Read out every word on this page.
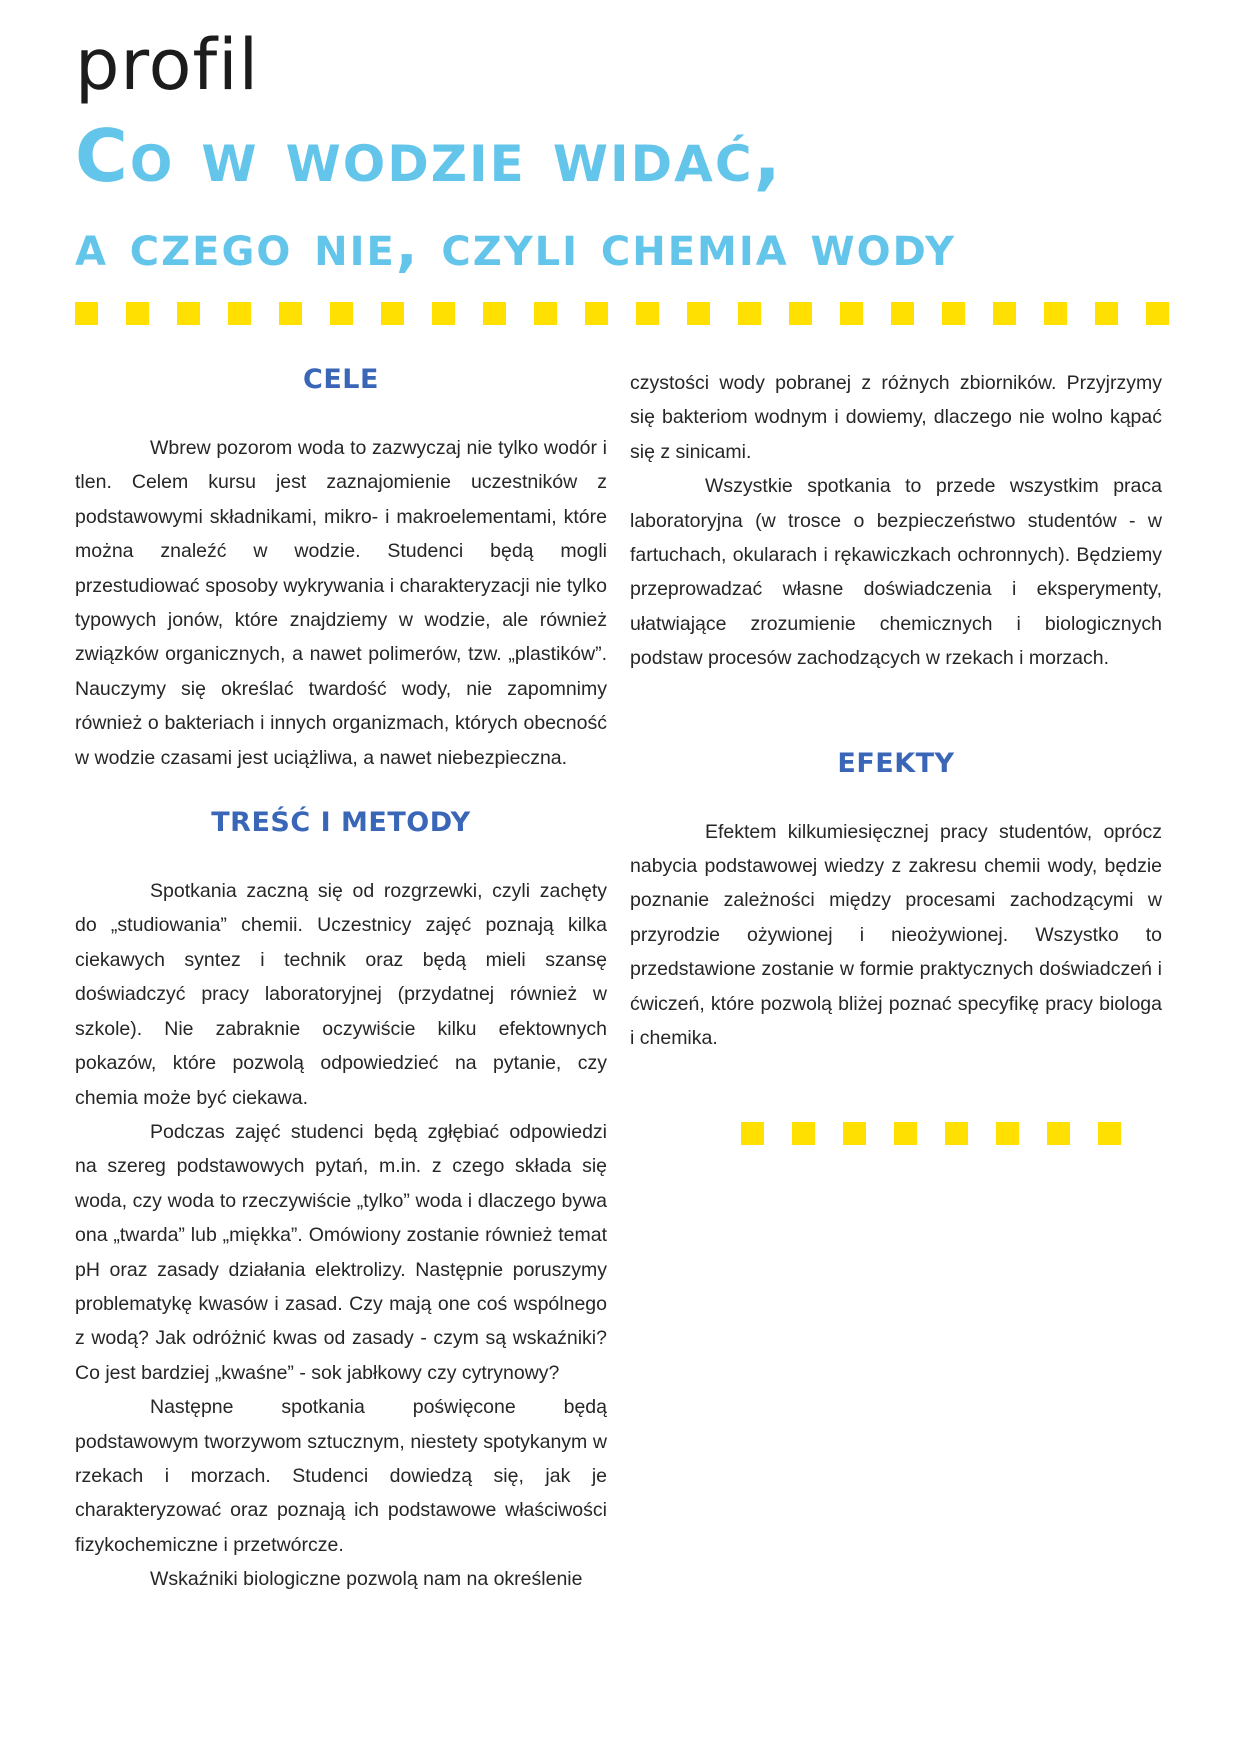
profil
Co w wodzie widać,
a czego nie, czyli chemia wody
CELE

Wbrew pozorom woda to zazwyczaj nie tylko wodór i tlen. Celem kursu jest zaznajomienie uczestników z podstawowymi składnikami, mikro- i makroelementami, które można znaleźć w wodzie. Studenci będą mogli przestudiować sposoby wykrywania i charakteryzacji nie tylko typowych jonów, które znajdziemy w wodzie, ale również związków organicznych, a nawet polimerów, tzw. „plastików”. Nauczymy się określać twardość wody, nie zapomnimy również o bakteriach i innych organizmach, których obecność w wodzie czasami jest uciążliwa, a nawet niebezpieczna.

TREŚĆ I METODY

Spotkania zaczną się od rozgrzewki, czyli zachęty do „studiowania” chemii. Uczestnicy zajęć poznają kilka ciekawych syntez i technik oraz będą mieli szansę doświadczyć pracy laboratoryjnej (przydatnej również w szkole). Nie zabraknie oczywiście kilku efektownych pokazów, które pozwolą odpowiedzieć na pytanie, czy chemia może być ciekawa.

Podczas zajęć studenci będą zgłębiać odpowiedzi na szereg podstawowych pytań, m.in. z czego składa się woda, czy woda to rzeczywiście „tylko” woda i dlaczego bywa ona „twarda” lub „miękka”. Omówiony zostanie również temat pH oraz zasady działania elektrolizy. Następnie poruszymy problematykę kwasów i zasad. Czy mają one coś wspólnego z wodą? Jak odróżnić kwas od zasady - czym są wskaźniki? Co jest bardziej „kwaśne” - sok jabłkowy czy cytrynowy?

Następne spotkania poświęcone będą podstawowym tworzywom sztucznym, niestety spotykanym w rzekach i morzach. Studenci dowiedzą się, jak je charakteryzować oraz poznają ich podstawowe właściwości fizykochemiczne i przetwórcze.

Wskaźniki biologiczne pozwolą nam na określenie

czystości wody pobranej z różnych zbiorników. Przyjrzymy się bakteriom wodnym i dowiemy, dlaczego nie wolno kąpać się z sinicami.

Wszystkie spotkania to przede wszystkim praca laboratoryjna (w trosce o bezpieczeństwo studentów - w fartuchach, okularach i rękawiczkach ochronnych). Będziemy przeprowadzać własne doświadczenia i eksperymenty, ułatwiające zrozumienie chemicznych i biologicznych podstaw procesów zachodzących w rzekach i morzach.

EFEKTY

Efektem kilkumiesięcznej pracy studentów, oprócz nabycia podstawowej wiedzy z zakresu chemii wody, będzie poznanie zależności między procesami zachodzącymi w przyrodzie ożywionej i nieożywionej. Wszystko to przedstawione zostanie w formie praktycznych doświadczeń i ćwiczeń, które pozwolą bliżej poznać specyfikę pracy biologa i chemika.
